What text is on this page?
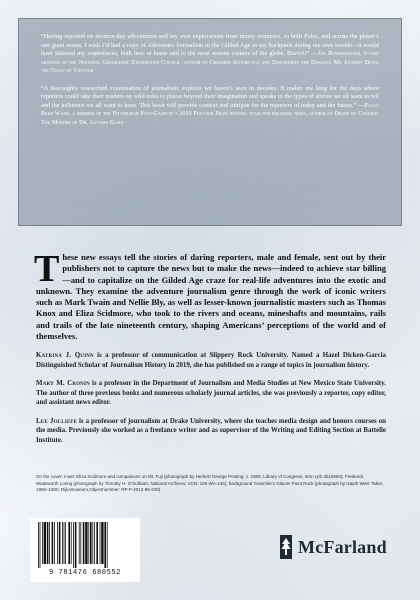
“Having reported on modern-day adventurers and my own explorations from ninety countries, to both Poles, and across the planet’s one giant ocean, I wish I’d had a copy of Adventure Journalism in the Gilded Age in my backpack during my own travels—it would have fattened my experiences, both here at home and to the most remote corners of the globe. Bravo!!” —Jon Bowermaster, 6-time grantee of the National Geographic Expeditions Council, author of Crossing Antarctica and Descending the Dragon: My Journey Down the Coast of Vietnam

“A thoroughly researched examination of journalistic exploits we haven’t seen in decades. It makes me long for the days where reporters could take their readers on wild treks to places beyond their imagination and speaks to the types of stories we all want to tell and the influence we all want to have. This book will provide context and intrigue for the reporters of today and the future.” —Paula Reed Ward, a member of the Pittsburgh Post-Gazette’s 2019 Pulitzer Prize winning team for breaking news, author of Death by Cyanide: The Murder of Dr. Autumn Klein

These new essays tell the stories of daring reporters, male and female, sent out by their publishers not to capture the news but to make the news—indeed to achieve star billing—and to capitalize on the Gilded Age craze for real-life adventures into the exotic and unknown. They examine the adventure journalism genre through the work of iconic writers such as Mark Twain and Nellie Bly, as well as lesser-known journalistic masters such as Thomas Knox and Eliza Scidmore, who took to the rivers and oceans, mineshafts and mountains, rails and trails of the late nineteenth century, shaping Americans’ perceptions of the world and of themselves.

Katrina J. Quinn is a professor of communication at Slippery Rock University. Named a Hazel Dicken-Garcia Distinguished Scholar of Journalism History in 2019, she has published on a range of topics in journalism history.

Mary M. Cronin is a professor in the Department of Journalism and Media Studies at New Mexico State University. The author of three previous books and numerous scholarly journal articles, she was previously a reporter, copy editor, and assistant news editor.

Lee Jolliffe is a professor of journalism at Drake University, where she teaches media design and honors courses on the media. Previously she worked as a freelance writer and as supervisor of the Writing and Editing Section at Battelle Institute.

On the cover: inset: Eliza Scidmore and companions on Mt. Fuji (photograph by Herbert George Ponting, c. 1905; Library of Congress, Item cph.3b16850); Frederick Wadsworth Loring (photograph by Timothy H. O’Sullivan; National Archives, VCN: 106-WA-145); background Yosemite’s Glacier Point Rock (photograph by Isaiah West Taber, 1880–1900; Rijksmuseum,Objectnummer: RP-F-2012-96-228).

9 781476 680552
McFarland
